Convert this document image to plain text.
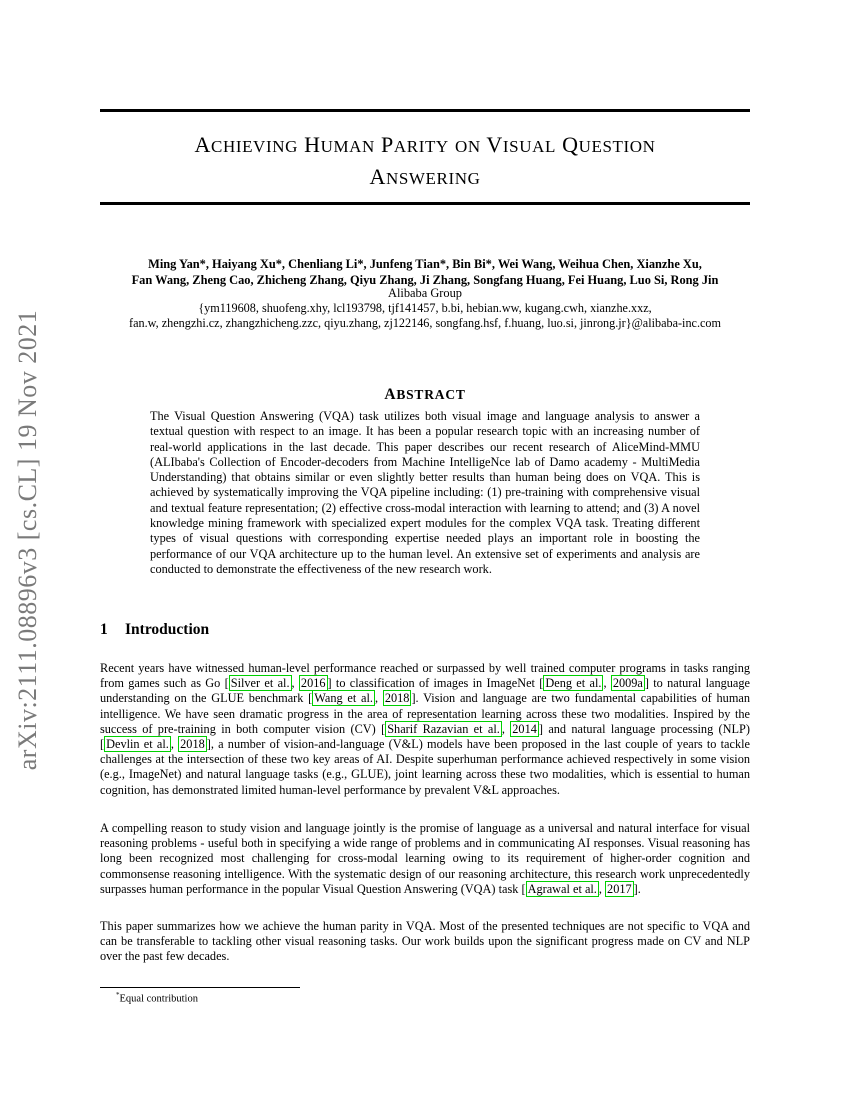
arXiv:2111.08896v3 [cs.CL] 19 Nov 2021
ACHIEVING HUMAN PARITY ON VISUAL QUESTION
ANSWERING
Ming Yan*, Haiyang Xu*, Chenliang Li*, Junfeng Tian*, Bin Bi*, Wei Wang, Weihua Chen, Xianzhe Xu,
Fan Wang, Zheng Cao, Zhicheng Zhang, Qiyu Zhang, Ji Zhang, Songfang Huang, Fei Huang, Luo Si, Rong Jin
Alibaba Group
{ym119608, shuofeng.xhy, lcl193798, tjf141457, b.bi, hebian.ww, kugang.cwh, xianzhe.xxz,
fan.w, zhengzhi.cz, zhangzhicheng.zzc, qiyu.zhang, zj122146, songfang.hsf, f.huang, luo.si, jinrong.jr}@alibaba-inc.com
ABSTRACT
The Visual Question Answering (VQA) task utilizes both visual image and language analysis to answer a textual question with respect to an image. It has been a popular research topic with an increasing number of real-world applications in the last decade. This paper describes our recent research of AliceMind-MMU (ALIbaba's Collection of Encoder-decoders from Machine IntelligeNce lab of Damo academy - MultiMedia Understanding) that obtains similar or even slightly better results than human being does on VQA. This is achieved by systematically improving the VQA pipeline including: (1) pre-training with comprehensive visual and textual feature representation; (2) effective cross-modal interaction with learning to attend; and (3) A novel knowledge mining framework with specialized expert modules for the complex VQA task. Treating different types of visual questions with corresponding expertise needed plays an important role in boosting the performance of our VQA architecture up to the human level. An extensive set of experiments and analysis are conducted to demonstrate the effectiveness of the new research work.
1 Introduction
Recent years have witnessed human-level performance reached or surpassed by well trained computer programs in tasks ranging from games such as Go [ Silver et al. , 2016 ] to classification of images in ImageNet [ Deng et al. , 2009a ] to natural language understanding on the GLUE benchmark [ Wang et al. , 2018 ]. Vision and language are two fundamental capabilities of human intelligence. We have seen dramatic progress in the area of representation learning across these two modalities. Inspired by the success of pre-training in both computer vision (CV) [ Sharif Razavian et al. , 2014 ] and natural language processing (NLP) [ Devlin et al. , 2018 ], a number of vision-and-language (V&L) models have been proposed in the last couple of years to tackle challenges at the intersection of these two key areas of AI. Despite superhuman performance achieved respectively in some vision (e.g., ImageNet) and natural language tasks (e.g., GLUE), joint learning across these two modalities, which is essential to human cognition, has demonstrated limited human-level performance by prevalent V&L approaches.
A compelling reason to study vision and language jointly is the promise of language as a universal and natural interface for visual reasoning problems - useful both in specifying a wide range of problems and in communicating AI responses. Visual reasoning has long been recognized most challenging for cross-modal learning owing to its requirement of higher-order cognition and commonsense reasoning intelligence. With the systematic design of our reasoning architecture, this research work unprecedentedly surpasses human performance in the popular Visual Question Answering (VQA) task [ Agrawal et al. , 2017 ].
This paper summarizes how we achieve the human parity in VQA. Most of the presented techniques are not specific to VQA and can be transferable to tackling other visual reasoning tasks. Our work builds upon the significant progress made on CV and NLP over the past few decades.
*Equal contribution
